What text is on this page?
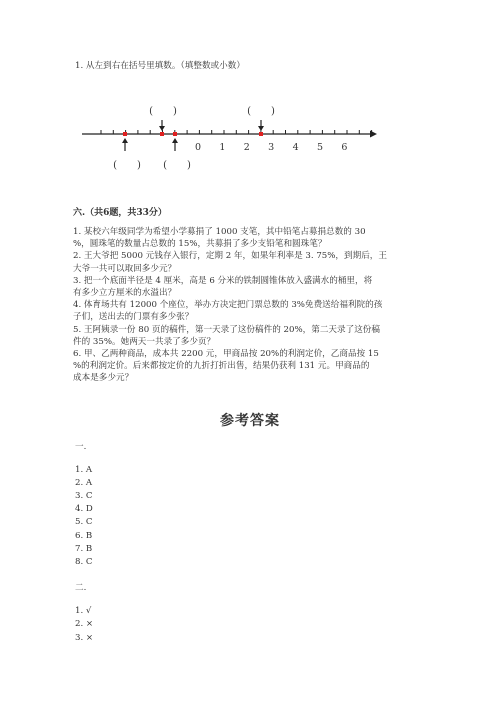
1. 从左到右在括号里填数。（填整数或小数）
0 1 2 3 4 5 6
(　　)	(　　)
(　　) (　　)
六.（共6题，共33分）
1. 某校六年级同学为希望小学募捐了 1000 支笔，其中铅笔占募捐总数的 30
%，圆珠笔的数量占总数的 15%，共募捐了多少支铅笔和圆珠笔？
2. 王大爷把 5000 元钱存入银行，定期 2 年，如果年利率是 3. 75%，到期后，王
大爷一共可以取回多少元？
3. 把一个底面半径是 4 厘米，高是 6 分米的铁制圆锥体放入盛满水的桶里，将
有多少立方厘米的水溢出？
4. 体育场共有 12000 个座位，举办方决定把门票总数的 3%免费送给福利院的孩
子们，送出去的门票有多少张？
5. 王阿姨录一份 80 页的稿件，第一天录了这份稿件的 20%，第二天录了这份稿
件的 35%。她两天一共录了多少页？
6. 甲、乙两种商品，成本共 2200 元，甲商品按 20%的利润定价，乙商品按 15
%的利润定价。后来都按定价的九折打折出售，结果仍获利 131 元。甲商品的
成本是多少元？
参考答案
一.
1. A
2. A
3. C
4. D
5. C
6. B
7. B
8. C
二.
1. √
2. ×
3. ×
